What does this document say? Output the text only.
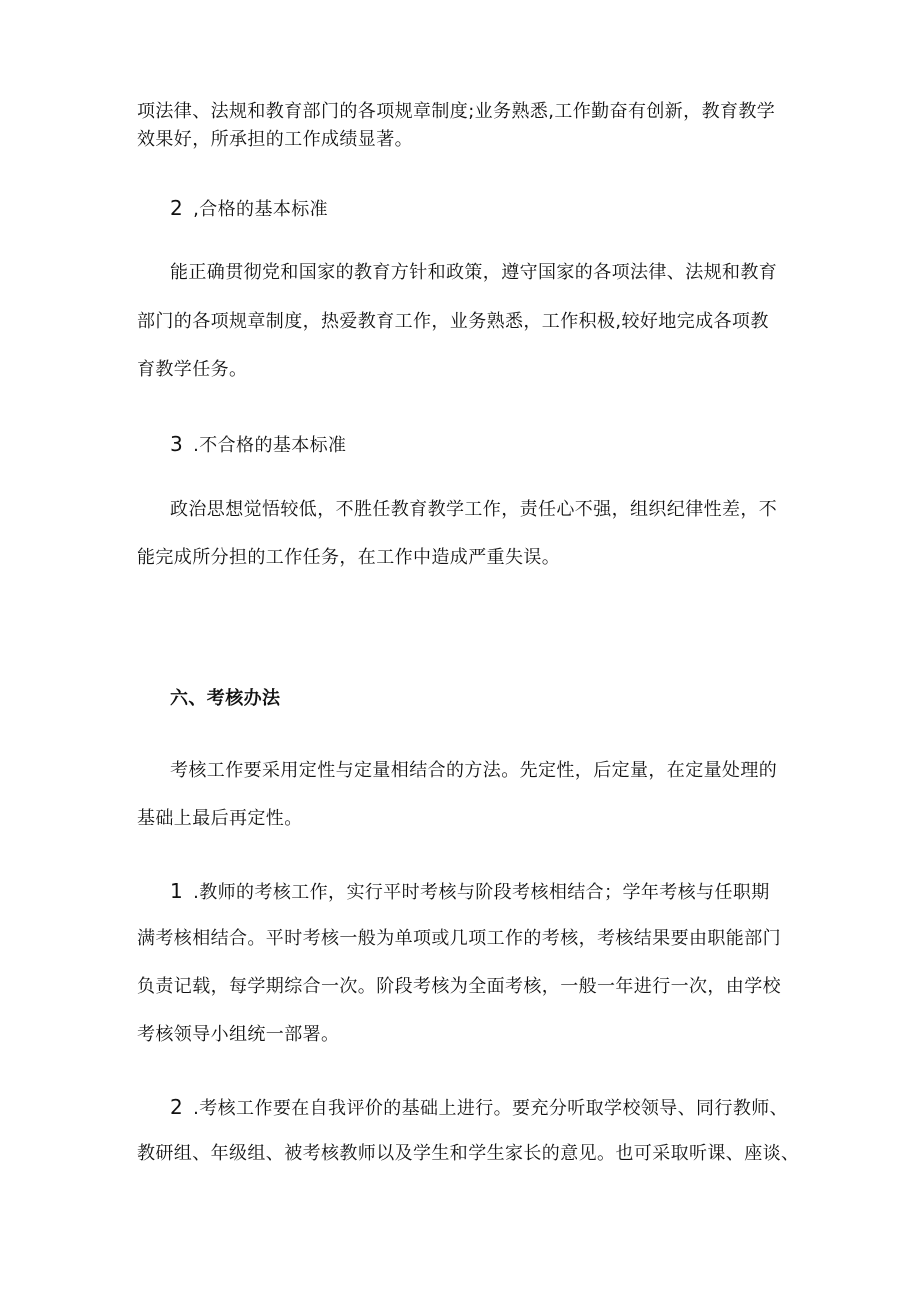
项法律、法规和教育部门的各项规章制度;业务熟悉,工作勤奋有创新，教育教学
效果好，所承担的工作成绩显著。
2 ,合格的基本标准
能正确贯彻党和国家的教育方针和政策，遵守国家的各项法律、法规和教育
部门的各项规章制度，热爱教育工作，业务熟悉，工作积极,较好地完成各项教
育教学任务。
3 .不合格的基本标准
政治思想觉悟较低，不胜任教育教学工作，责任心不强，组织纪律性差，不
能完成所分担的工作任务，在工作中造成严重失误。
六、考核办法
考核工作要采用定性与定量相结合的方法。先定性，后定量，在定量处理的
基础上最后再定性。
1 .教师的考核工作，实行平时考核与阶段考核相结合；学年考核与任职期
满考核相结合。平时考核一般为单项或几项工作的考核，考核结果要由职能部门
负责记载，每学期综合一次。阶段考核为全面考核，一般一年进行一次，由学校
考核领导小组统一部署。
2 .考核工作要在自我评价的基础上进行。要充分听取学校领导、同行教师、
教研组、年级组、被考核教师以及学生和学生家长的意见。也可采取听课、座谈、
